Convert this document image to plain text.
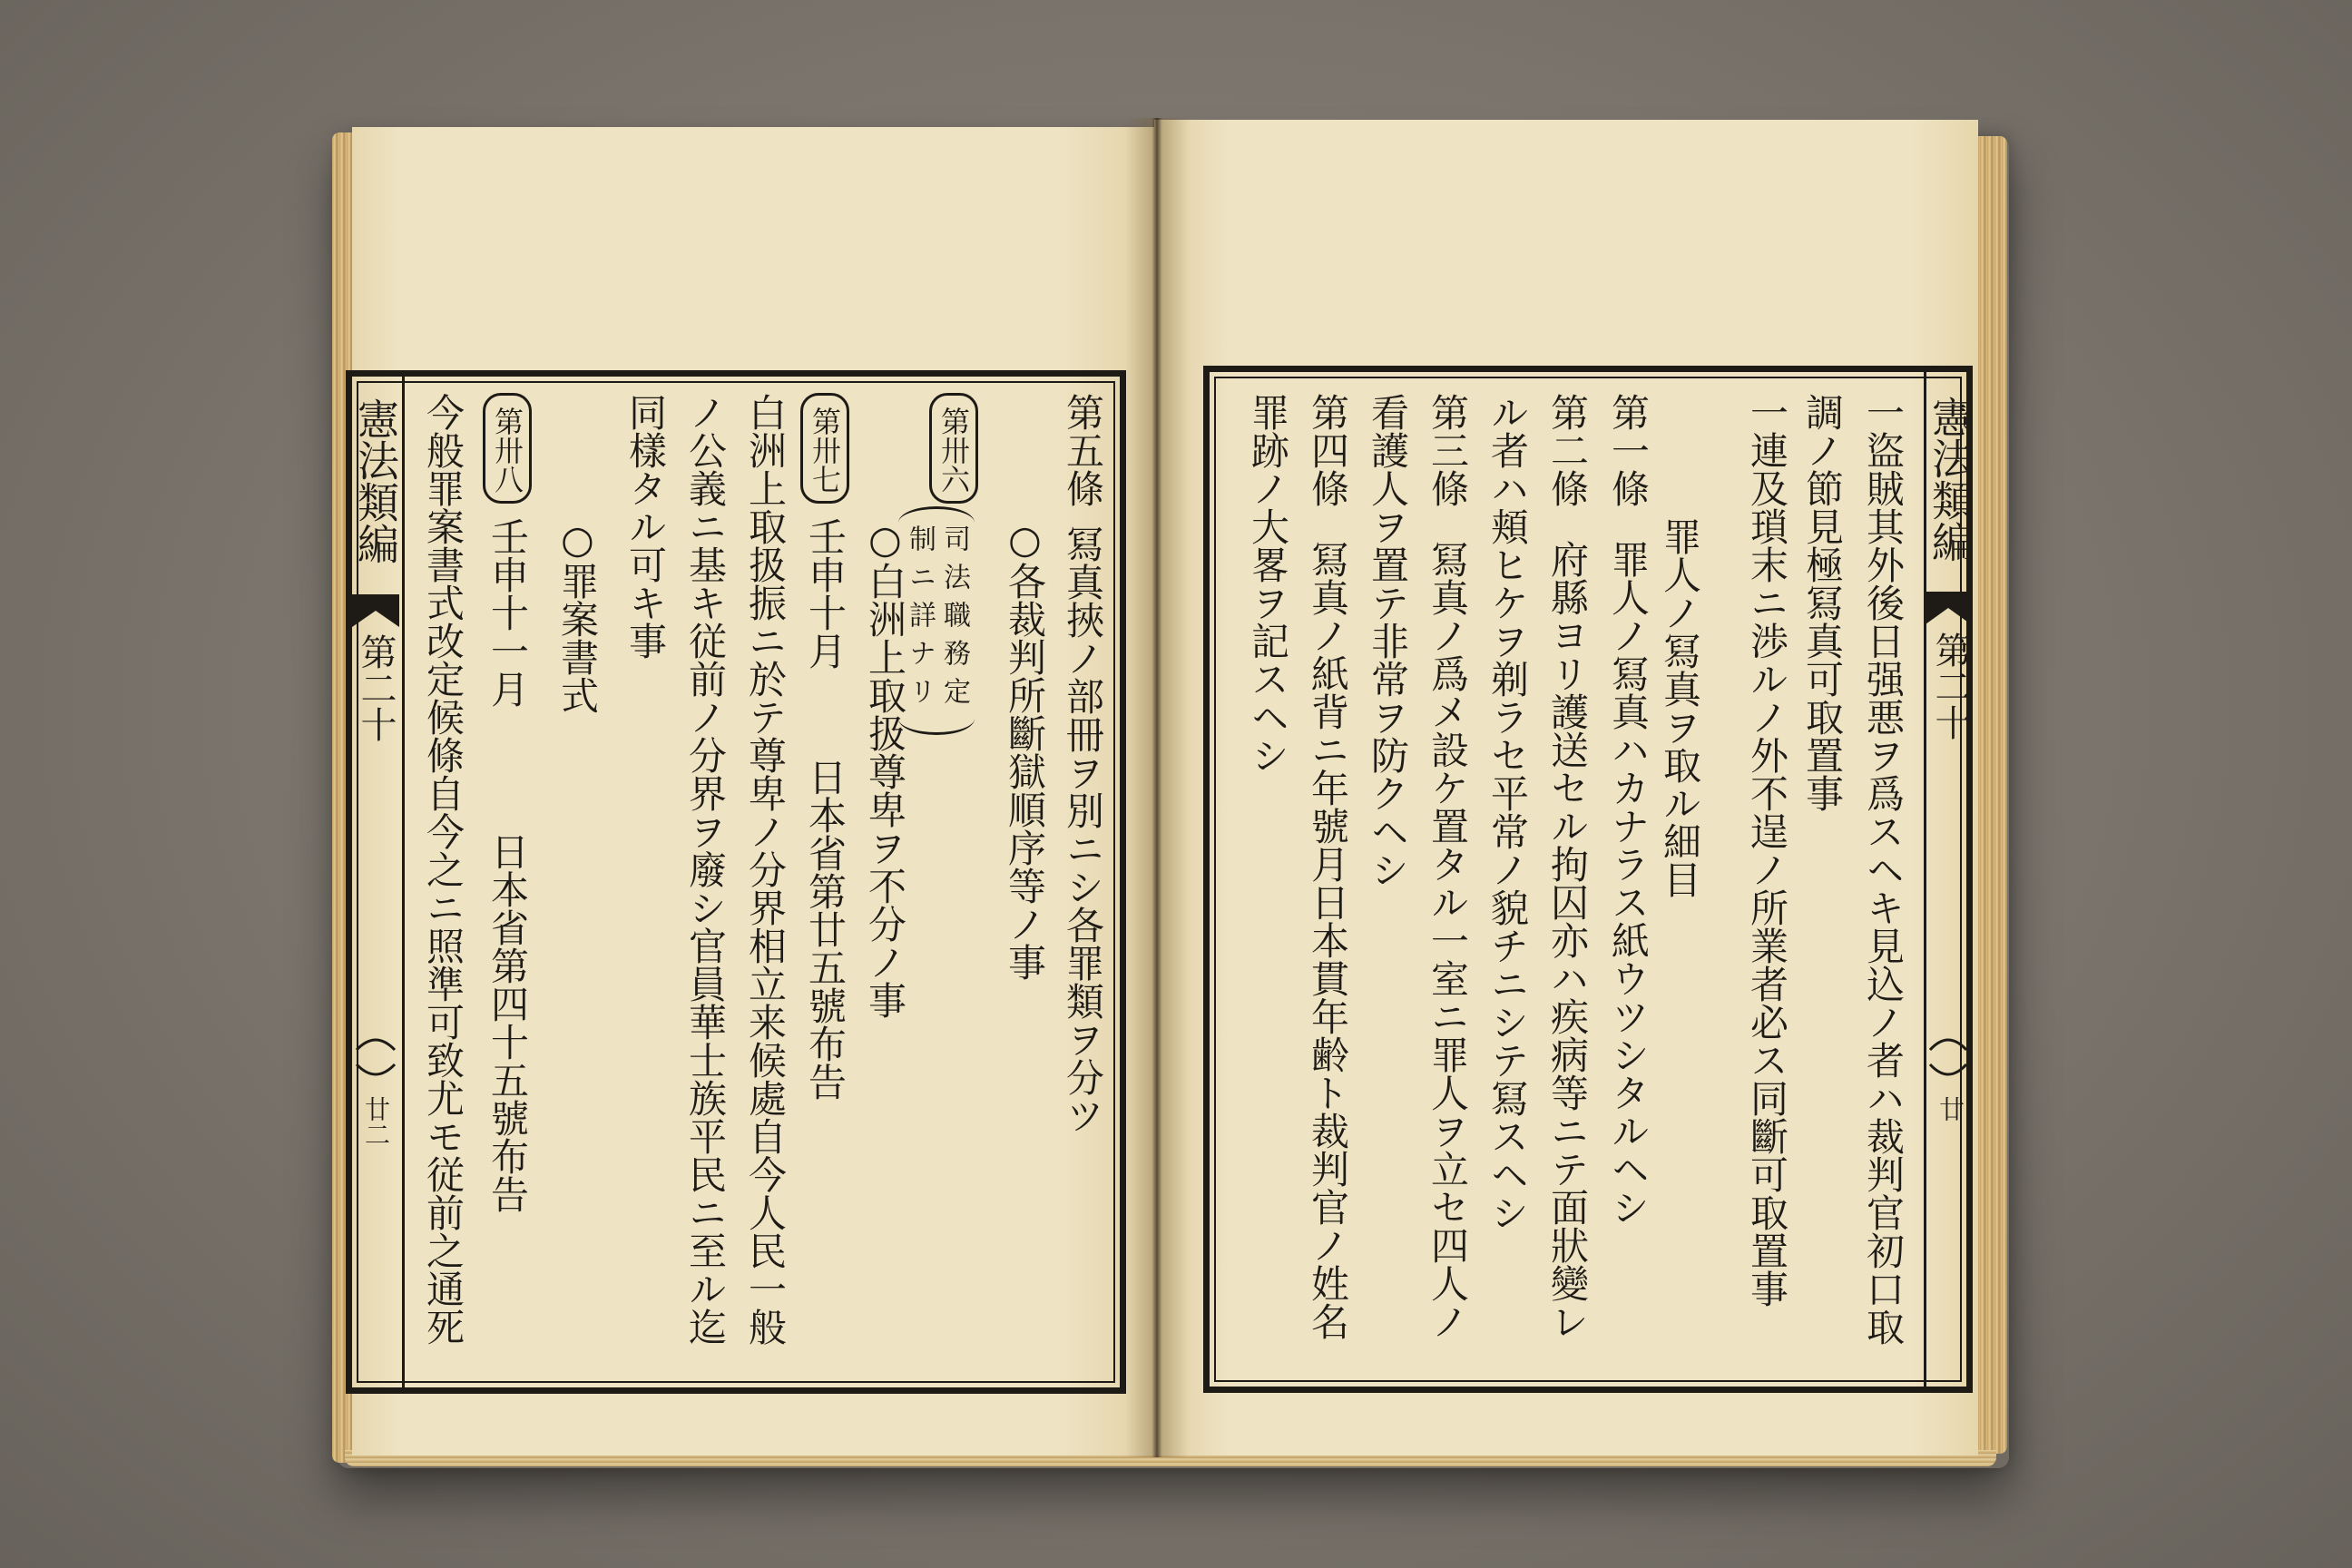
憲法類編
第二十
廿
一盜賊其外後日强悪ヲ爲スヘキ見込ノ者ハ裁判官初口取
調ノ節見極冩真可取置事
一連及瑣末ニ渉ルノ外不逞ノ所業者必ス同斷可取置事
罪人ノ冩真ヲ取ル細目
第一條
罪人ノ冩真ハカナラス紙ウツシタルヘシ
第二條
府縣ヨリ護送セル拘囚亦ハ疾病等ニテ面狀變レ
ル者ハ頬ヒケヲ剃ラセ平常ノ貌チニシテ冩スヘシ
第三條
冩真ノ爲メ設ケ置タル一室ニ罪人ヲ立セ四人ノ
看護人ヲ置テ非常ヲ防クヘシ
第四條
冩真ノ紙背ニ年號月日本貫年齢ト裁判官ノ姓名
罪跡ノ大畧ヲ記スヘシ
憲法類編
第二十
廿二
第五條
冩真挾ノ部冊ヲ別ニシ各罪類ヲ分ツ
○各裁判所斷獄順序等ノ事
第卅六
司法職務定
制ニ詳ナリ
○白洲上取扱尊卑ヲ不分ノ事
第卅七
壬申十月
日本省第廿五號布告
白洲上取扱振ニ於テ尊卑ノ分界相立来候處自今人民一般
ノ公義ニ基キ従前ノ分界ヲ廢シ官員華士族平民ニ至ル迄
同樣タル可キ事
○罪案書式
第卅八
壬申十一月
日本省第四十五號布告
今般罪案書式改定候條自今之ニ照準可致尤モ従前之通死
